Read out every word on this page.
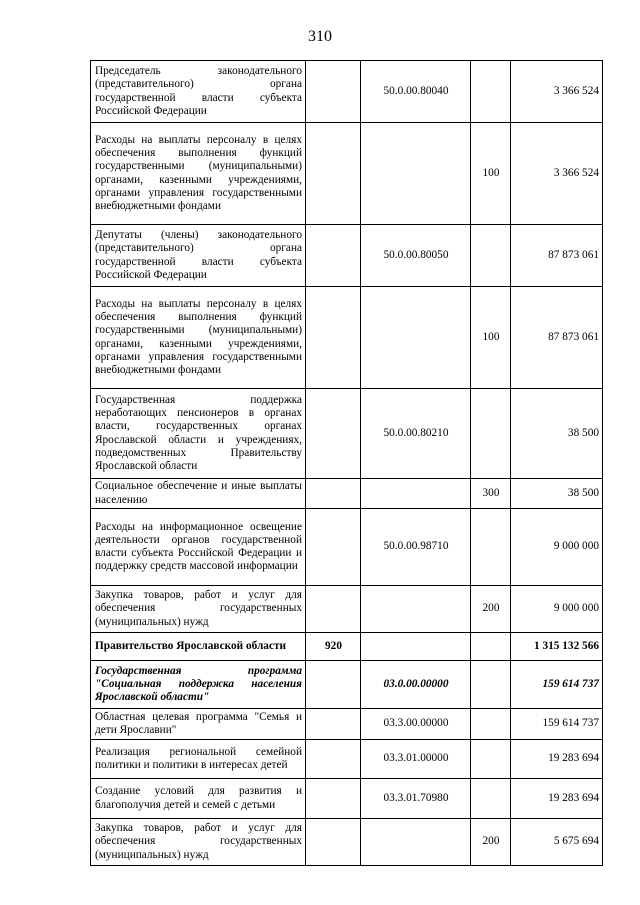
310
Председатель законодательного (представительного) органа государственной власти субъекта Российской Федерации		50.0.00.80040		3 366 524
Расходы на выплаты персоналу в целях обеспечения выполнения функций государственными (муниципальными) органами, казенными учреждениями, органами управления государственными внебюджетными фондами			100	3 366 524
Депутаты (члены) законодательного (представительного) органа государственной власти субъекта Российской Федерации		50.0.00.80050		87 873 061
Расходы на выплаты персоналу в целях обеспечения выполнения функций государственными (муниципальными) органами, казенными учреждениями, органами управления государственными внебюджетными фондами			100	87 873 061
Государственная поддержка неработающих пенсионеров в органах власти, государственных органах Ярославской области и учреждениях, подведомственных Правительству Ярославской области		50.0.00.80210		38 500
Социальное обеспечение и иные выплаты населению			300	38 500
Расходы на информационное освещение деятельности органов государственной власти субъекта Российской Федерации и поддержку средств массовой информации		50.0.00.98710		9 000 000
Закупка товаров, работ и услуг для обеспечения государственных (муниципальных) нужд			200	9 000 000
Правительство Ярославской области	920			1 315 132 566
Государственная программа "Социальная поддержка населения Ярославской области"		03.0.00.00000		159 614 737
Областная целевая программа "Семья и дети Ярославии"		03.3.00.00000		159 614 737
Реализация региональной семейной политики и политики в интересах детей		03.3.01.00000		19 283 694
Создание условий для развития и благополучия детей и семей с детьми		03.3.01.70980		19 283 694
Закупка товаров, работ и услуг для обеспечения государственных (муниципальных) нужд			200	5 675 694
